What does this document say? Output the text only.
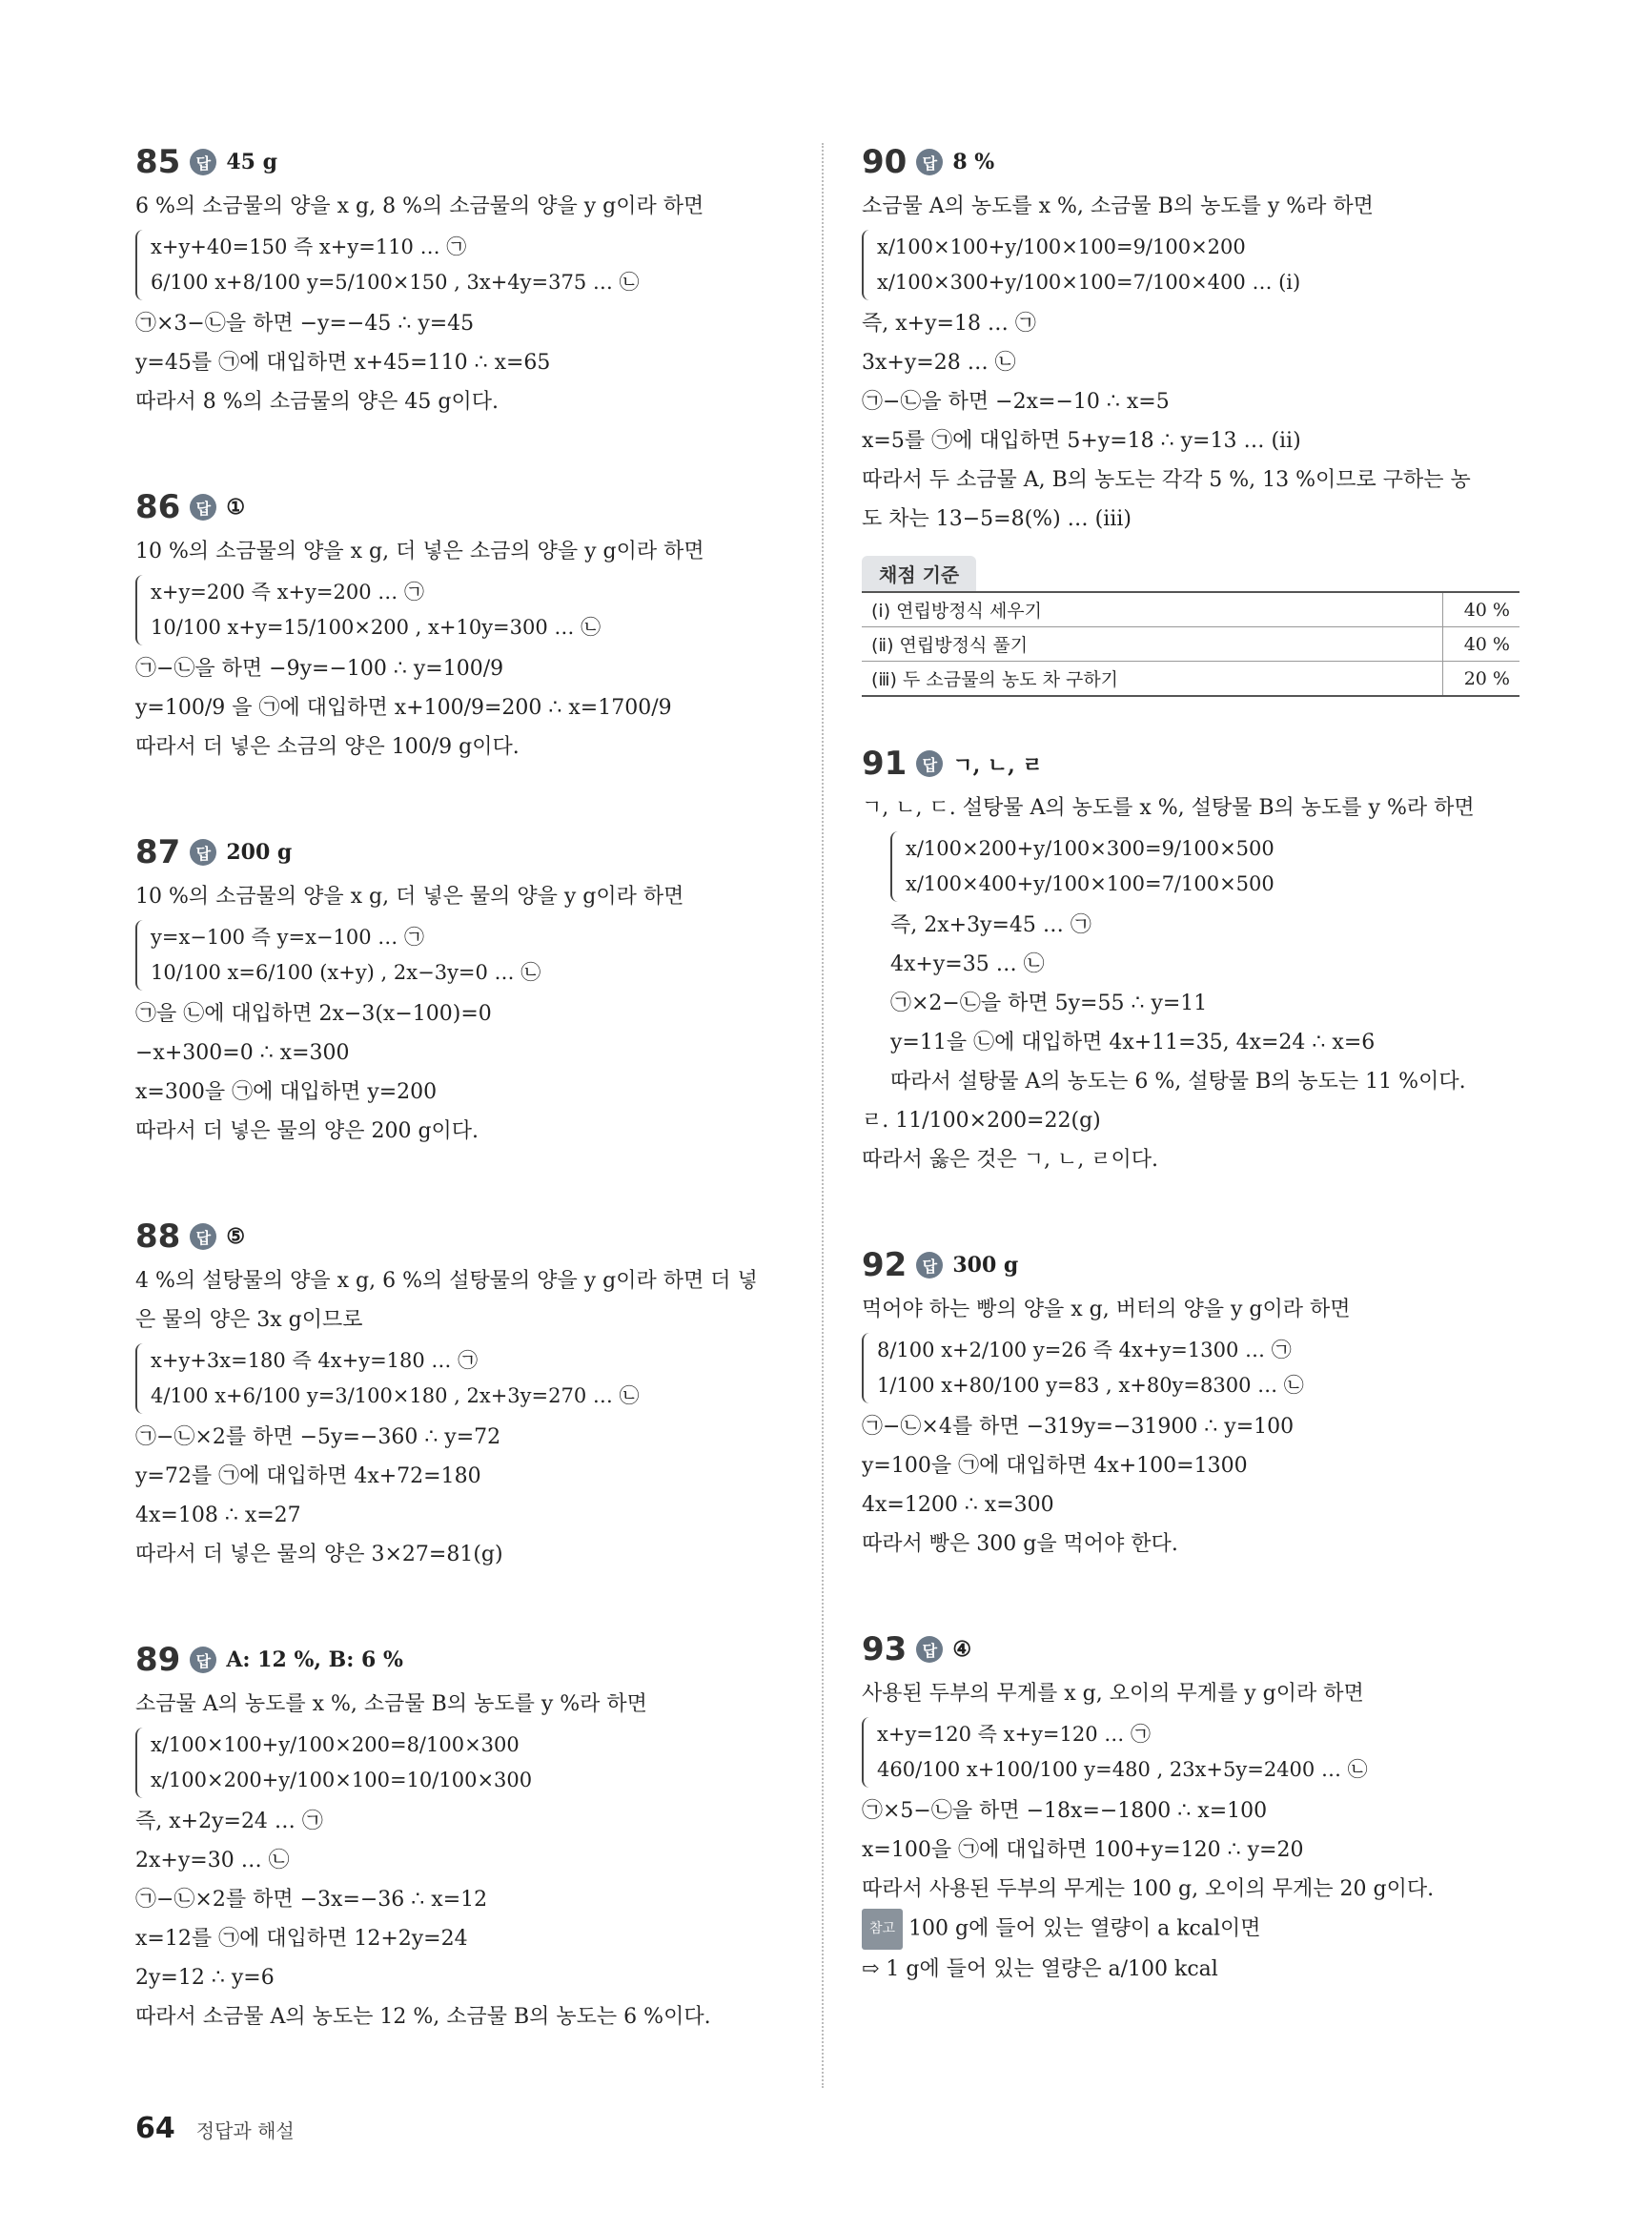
85	답 45 g
6 %의 소금물의 양을 x g, 8 %의 소금물의 양을 y g이라 하면
x+y+40=150 즉 x+y=110 … ㉠
6/100 x+8/100 y=5/100×150 , 3x+4y=375 … ㉡
㉠×3−㉡을 하면 −y=−45 ∴ y=45
y=45를 ㉠에 대입하면 x+45=110 ∴ x=65
따라서 8 %의 소금물의 양은 45 g이다.
86	답 ①
10 %의 소금물의 양을 x g, 더 넣은 소금의 양을 y g이라 하면
x+y=200 즉 x+y=200 … ㉠
10/100 x+y=15/100×200 , x+10y=300 … ㉡
㉠−㉡을 하면 −9y=−100 ∴ y=100/9
y=100/9 을 ㉠에 대입하면 x+100/9=200 ∴ x=1700/9
따라서 더 넣은 소금의 양은 100/9 g이다.
87	답 200 g
10 %의 소금물의 양을 x g, 더 넣은 물의 양을 y g이라 하면
y=x−100 즉 y=x−100 … ㉠
10/100 x=6/100 (x+y) , 2x−3y=0 … ㉡
㉠을 ㉡에 대입하면 2x−3(x−100)=0
−x+300=0 ∴ x=300
x=300을 ㉠에 대입하면 y=200
따라서 더 넣은 물의 양은 200 g이다.
88	답 ⑤
4 %의 설탕물의 양을 x g, 6 %의 설탕물의 양을 y g이라 하면 더 넣
은 물의 양은 3x g이므로
x+y+3x=180 즉 4x+y=180 … ㉠
4/100 x+6/100 y=3/100×180 , 2x+3y=270 … ㉡
㉠−㉡×2를 하면 −5y=−360 ∴ y=72
y=72를 ㉠에 대입하면 4x+72=180
4x=108 ∴ x=27
따라서 더 넣은 물의 양은 3×27=81(g)
89	답 A: 12 %, B: 6 %
소금물 A의 농도를 x %, 소금물 B의 농도를 y %라 하면
x/100×100+y/100×200=8/100×300
x/100×200+y/100×100=10/100×300
즉, x+2y=24 … ㉠
2x+y=30 … ㉡
㉠−㉡×2를 하면 −3x=−36 ∴ x=12
x=12를 ㉠에 대입하면 12+2y=24
2y=12 ∴ y=6
따라서 소금물 A의 농도는 12 %, 소금물 B의 농도는 6 %이다.
90	답 8 %
소금물 A의 농도를 x %, 소금물 B의 농도를 y %라 하면
x/100×100+y/100×100=9/100×200
x/100×300+y/100×100=7/100×400 … (ⅰ)
즉, x+y=18 … ㉠
3x+y=28 … ㉡
㉠−㉡을 하면 −2x=−10 ∴ x=5
x=5를 ㉠에 대입하면 5+y=18 ∴ y=13 … (ⅱ)
따라서 두 소금물 A, B의 농도는 각각 5 %, 13 %이므로 구하는 농
도 차는 13−5=8(%) … (ⅲ)
채점 기준
(ⅰ) 연립방정식 세우기	40 %
(ⅱ) 연립방정식 풀기	40 %
(ⅲ) 두 소금물의 농도 차 구하기	20 %
91	답 ㄱ, ㄴ, ㄹ
ㄱ, ㄴ, ㄷ. 설탕물 A의 농도를 x %, 설탕물 B의 농도를 y %라 하면
x/100×200+y/100×300=9/100×500
x/100×400+y/100×100=7/100×500
즉, 2x+3y=45 … ㉠
4x+y=35 … ㉡
㉠×2−㉡을 하면 5y=55 ∴ y=11
y=11을 ㉡에 대입하면 4x+11=35, 4x=24 ∴ x=6
따라서 설탕물 A의 농도는 6 %, 설탕물 B의 농도는 11 %이다.
ㄹ. 11/100×200=22(g)
따라서 옳은 것은 ㄱ, ㄴ, ㄹ이다.
92	답 300 g
먹어야 하는 빵의 양을 x g, 버터의 양을 y g이라 하면
8/100 x+2/100 y=26 즉 4x+y=1300 … ㉠
1/100 x+80/100 y=83 , x+80y=8300 … ㉡
㉠−㉡×4를 하면 −319y=−31900 ∴ y=100
y=100을 ㉠에 대입하면 4x+100=1300
4x=1200 ∴ x=300
따라서 빵은 300 g을 먹어야 한다.
93	답 ④
사용된 두부의 무게를 x g, 오이의 무게를 y g이라 하면
x+y=120 즉 x+y=120 … ㉠
460/100 x+100/100 y=480 , 23x+5y=2400 … ㉡
㉠×5−㉡을 하면 −18x=−1800 ∴ x=100
x=100을 ㉠에 대입하면 100+y=120 ∴ y=20
따라서 사용된 두부의 무게는 100 g, 오이의 무게는 20 g이다.
참고 100 g에 들어 있는 열량이 a kcal이면
⇨ 1 g에 들어 있는 열량은 a/100 kcal
64 정답과 해설
